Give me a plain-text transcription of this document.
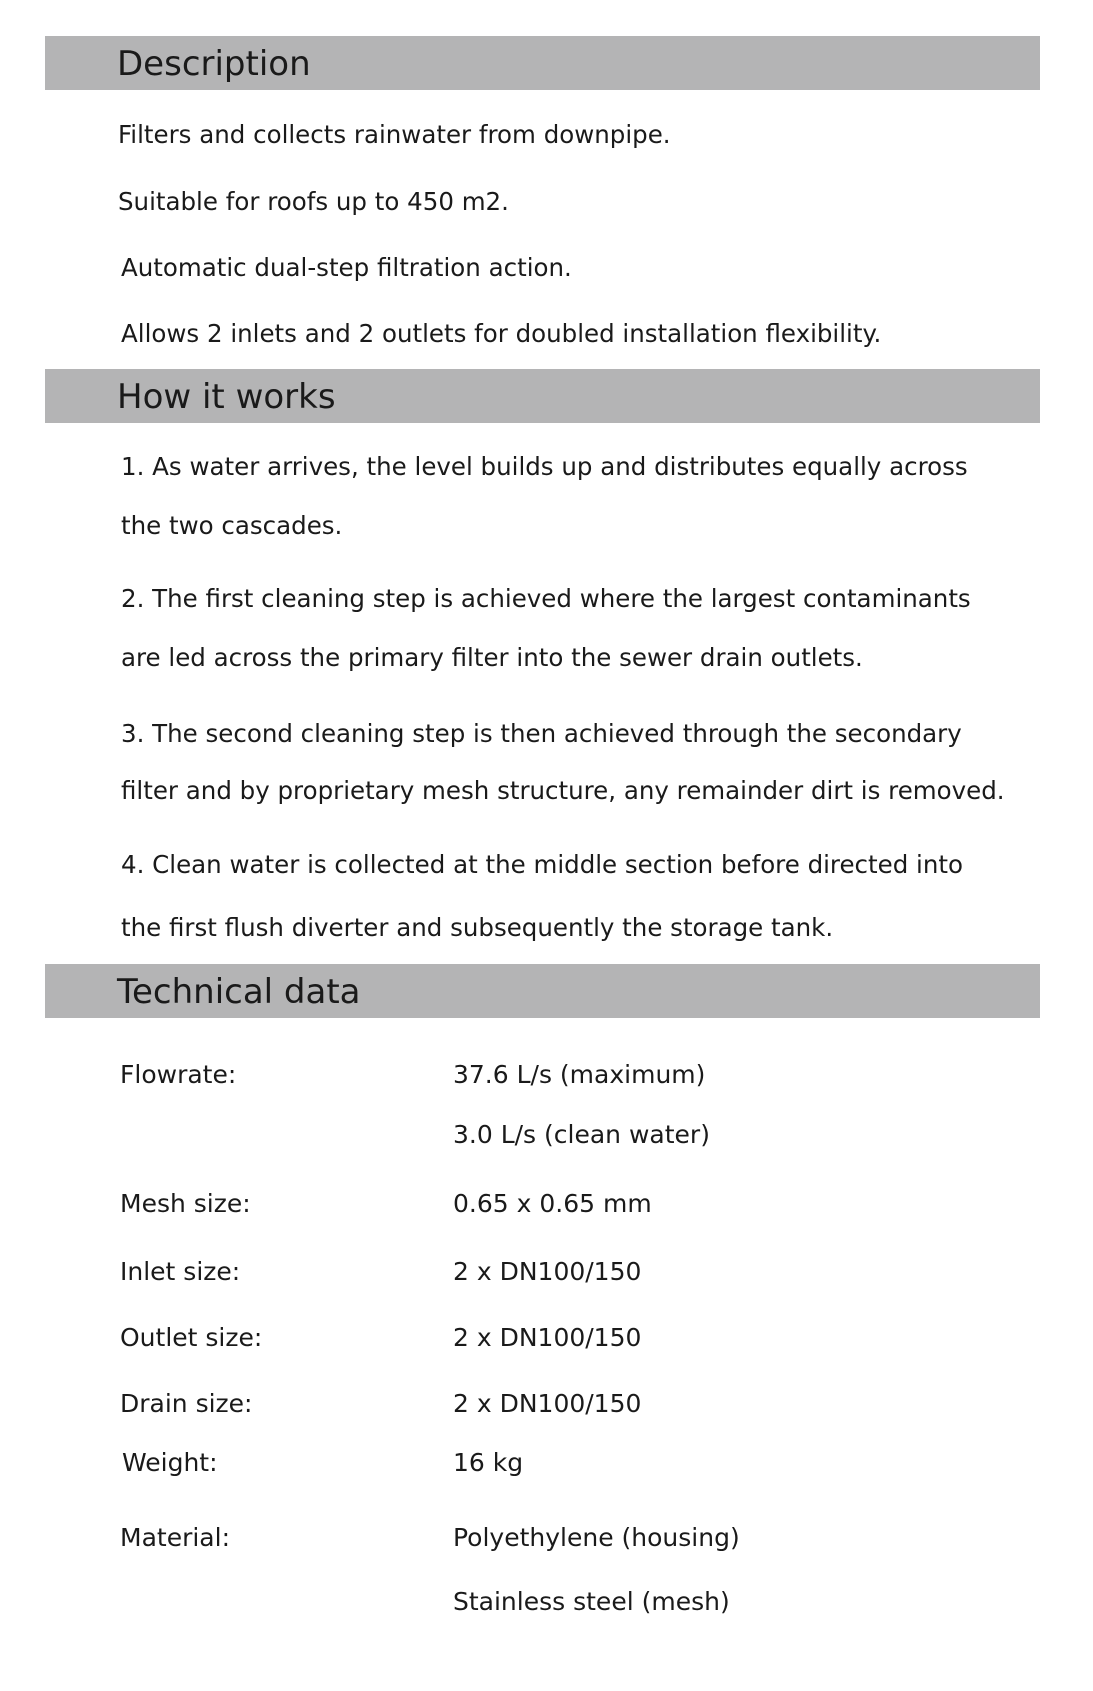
Description
Filters and collects rainwater from downpipe.
Suitable for roofs up to 450 m2.
Automatic dual-step filtration action.
Allows 2 inlets and 2 outlets for doubled installation flexibility.
How it works
1. As water arrives, the level builds up and distributes equally across
the two cascades.
2. The first cleaning step is achieved where the largest contaminants
are led across the primary filter into the sewer drain outlets.
3. The second cleaning step is then achieved through the secondary
filter and by proprietary mesh structure, any remainder dirt is removed.
4. Clean water is collected at the middle section before directed into
the first flush diverter and subsequently the storage tank.
Technical data
Flowrate:	37.6 L/s (maximum)
3.0 L/s (clean water)
Mesh size:	0.65 x 0.65 mm
Inlet size:	2 x DN100/150
Outlet size:	2 x DN100/150
Drain size:	2 x DN100/150
Weight:	16 kg
Material:	Polyethylene (housing)
Stainless steel (mesh)
